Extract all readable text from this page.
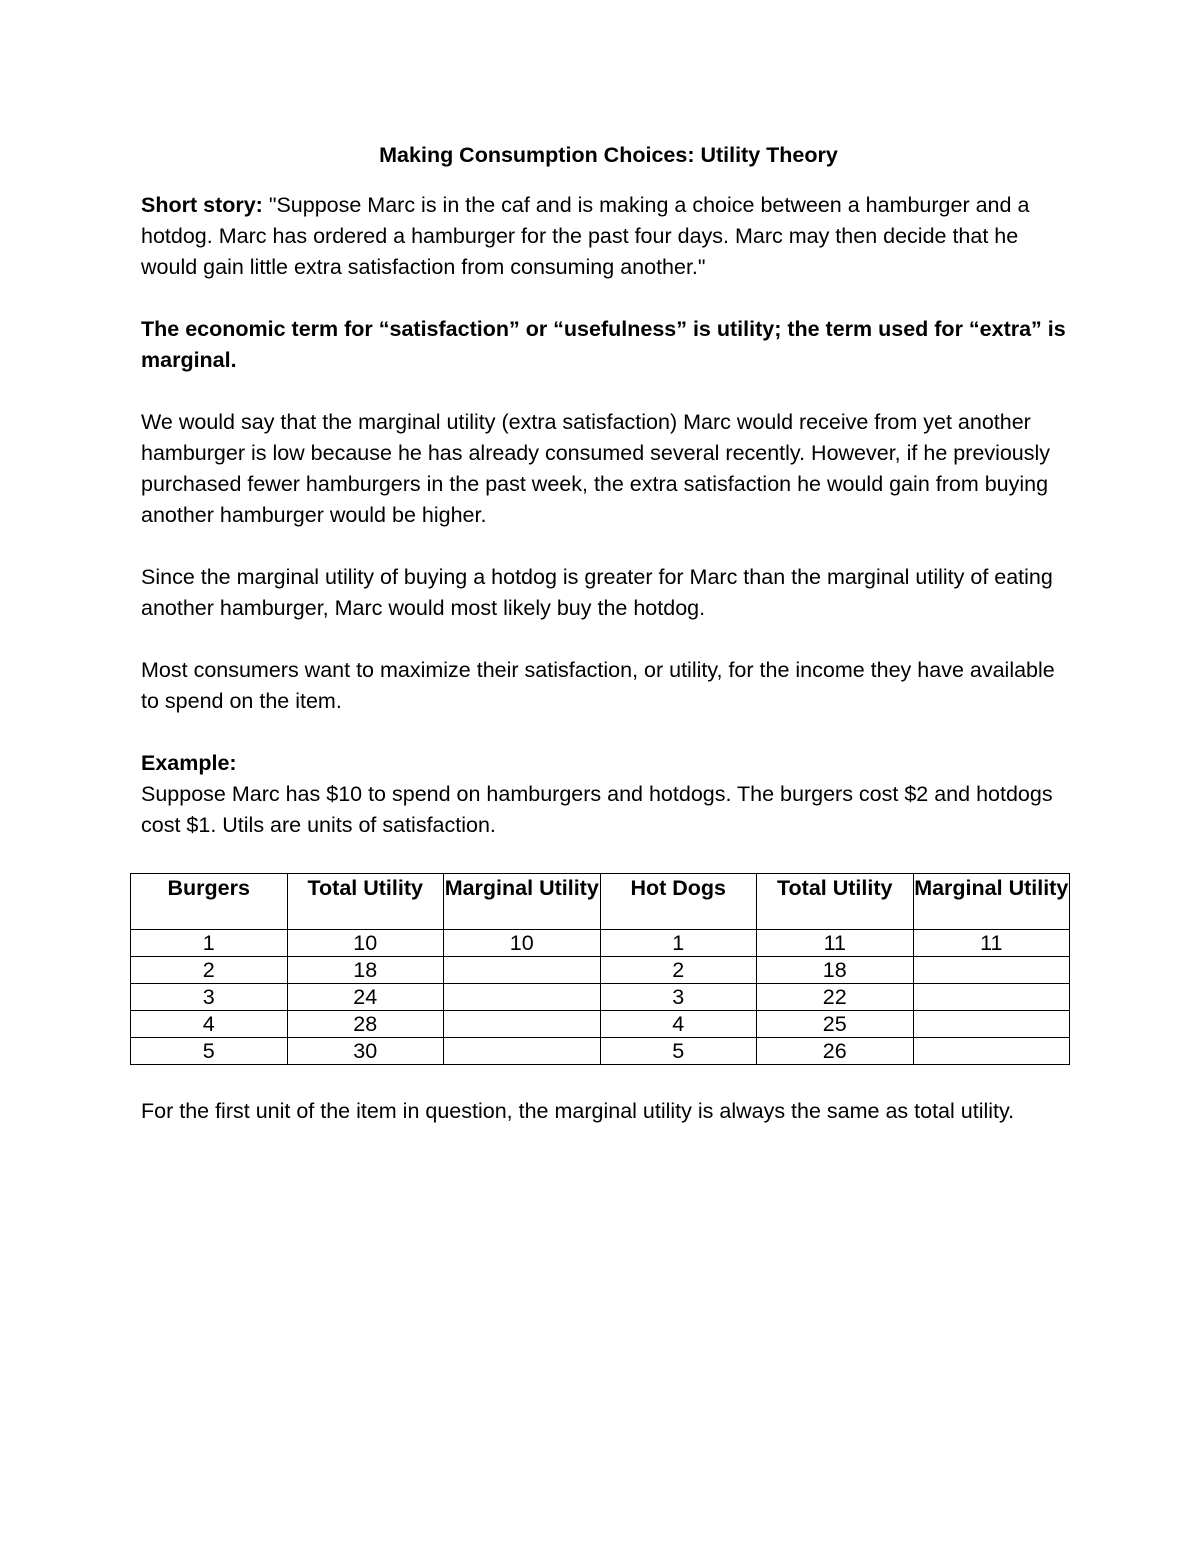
Making Consumption Choices: Utility Theory

Short story: "Suppose Marc is in the caf and is making a choice between a hamburger and a hotdog. Marc has ordered a hamburger for the past four days. Marc may then decide that he would gain little extra satisfaction from consuming another."

The economic term for “satisfaction” or “usefulness” is utility; the term used for “extra” is marginal.

We would say that the marginal utility (extra satisfaction) Marc would receive from yet another hamburger is low because he has already consumed several recently. However, if he previously purchased fewer hamburgers in the past week, the extra satisfaction he would gain from buying another hamburger would be higher.

Since the marginal utility of buying a hotdog is greater for Marc than the marginal utility of eating another hamburger, Marc would most likely buy the hotdog.

Most consumers want to maximize their satisfaction, or utility, for the income they have available to spend on the item.

Example:

Suppose Marc has $10 to spend on hamburgers and hotdogs. The burgers cost $2 and hotdogs cost $1. Utils are units of satisfaction.

Burgers	Total Utility	Marginal Utility	Hot Dogs	Total Utility	Marginal Utility
1	10	10	1	11	11
2	18		2	18	
3	24		3	22	
4	28		4	25	
5	30		5	26	

For the first unit of the item in question, the marginal utility is always the same as total utility.
